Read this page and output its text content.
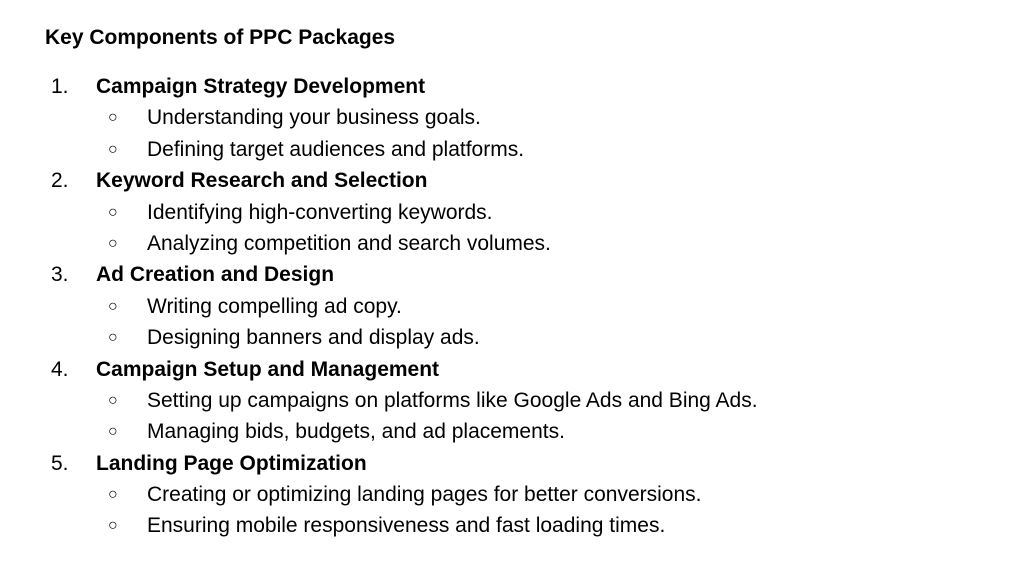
Key Components of PPC Packages
1. Campaign Strategy Development
○ Understanding your business goals.
○ Defining target audiences and platforms.
2. Keyword Research and Selection
○ Identifying high-converting keywords.
○ Analyzing competition and search volumes.
3. Ad Creation and Design
○ Writing compelling ad copy.
○ Designing banners and display ads.
4. Campaign Setup and Management
○ Setting up campaigns on platforms like Google Ads and Bing Ads.
○ Managing bids, budgets, and ad placements.
5. Landing Page Optimization
○ Creating or optimizing landing pages for better conversions.
○ Ensuring mobile responsiveness and fast loading times.
